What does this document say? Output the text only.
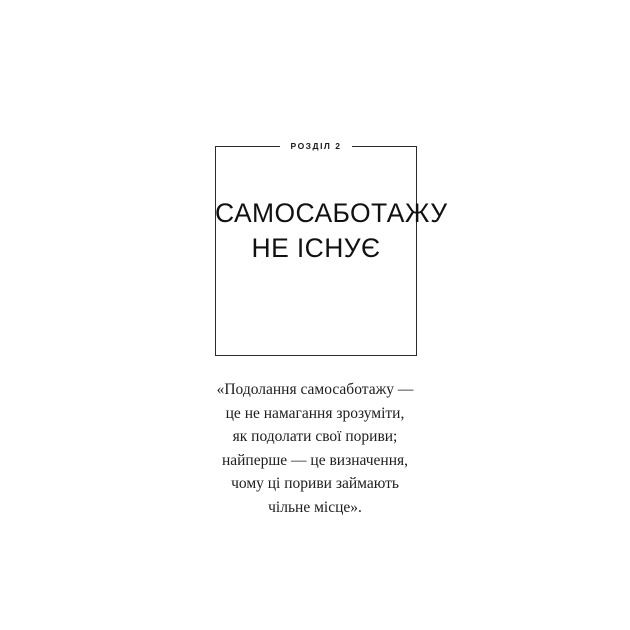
РОЗДІЛ 2
САМОСАБОТАЖУ
НЕ ІСНУЄ
«Подолання самосаботажу —
це не намагання зрозуміти,
як подолати свої пориви;
найперше — це визначення,
чому ці пориви займають
чільне місце».
